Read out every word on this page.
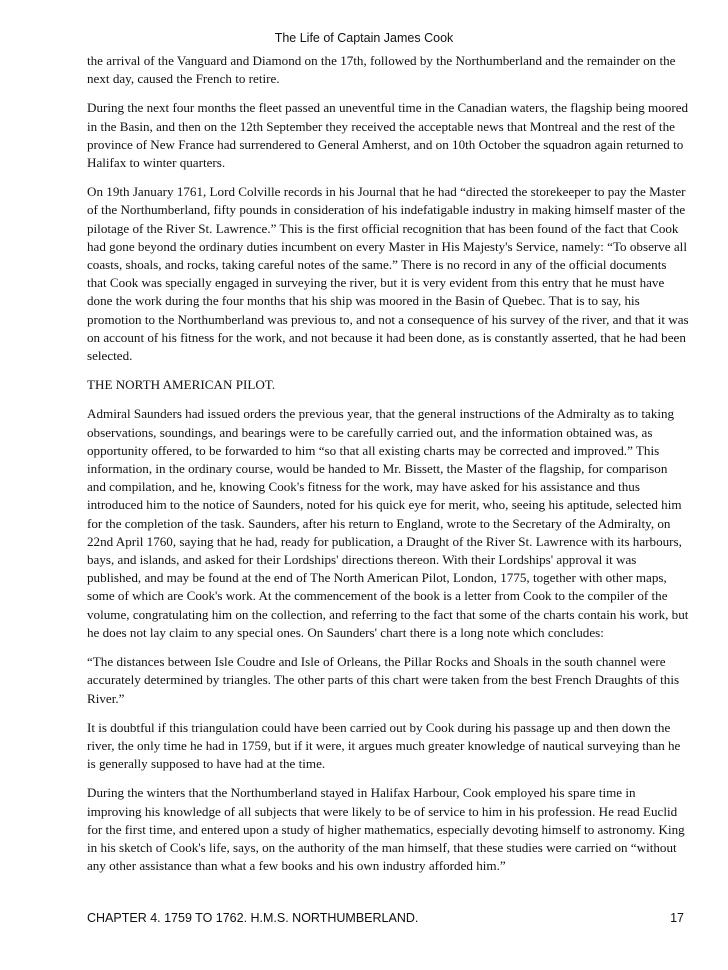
The Life of Captain James Cook

the arrival of the Vanguard and Diamond on the 17th, followed by the Northumberland and the remainder on the next day, caused the French to retire.

During the next four months the fleet passed an uneventful time in the Canadian waters, the flagship being moored in the Basin, and then on the 12th September they received the acceptable news that Montreal and the rest of the province of New France had surrendered to General Amherst, and on 10th October the squadron again returned to Halifax to winter quarters.

On 19th January 1761, Lord Colville records in his Journal that he had “directed the storekeeper to pay the Master of the Northumberland, fifty pounds in consideration of his indefatigable industry in making himself master of the pilotage of the River St. Lawrence.” This is the first official recognition that has been found of the fact that Cook had gone beyond the ordinary duties incumbent on every Master in His Majesty's Service, namely: “To observe all coasts, shoals, and rocks, taking careful notes of the same.” There is no record in any of the official documents that Cook was specially engaged in surveying the river, but it is very evident from this entry that he must have done the work during the four months that his ship was moored in the Basin of Quebec. That is to say, his promotion to the Northumberland was previous to, and not a consequence of his survey of the river, and that it was on account of his fitness for the work, and not because it had been done, as is constantly asserted, that he had been selected.

THE NORTH AMERICAN PILOT.

Admiral Saunders had issued orders the previous year, that the general instructions of the Admiralty as to taking observations, soundings, and bearings were to be carefully carried out, and the information obtained was, as opportunity offered, to be forwarded to him “so that all existing charts may be corrected and improved.” This information, in the ordinary course, would be handed to Mr. Bissett, the Master of the flagship, for comparison and compilation, and he, knowing Cook's fitness for the work, may have asked for his assistance and thus introduced him to the notice of Saunders, noted for his quick eye for merit, who, seeing his aptitude, selected him for the completion of the task. Saunders, after his return to England, wrote to the Secretary of the Admiralty, on 22nd April 1760, saying that he had, ready for publication, a Draught of the River St. Lawrence with its harbours, bays, and islands, and asked for their Lordships' directions thereon. With their Lordships' approval it was published, and may be found at the end of The North American Pilot, London, 1775, together with other maps, some of which are Cook's work. At the commencement of the book is a letter from Cook to the compiler of the volume, congratulating him on the collection, and referring to the fact that some of the charts contain his work, but he does not lay claim to any special ones. On Saunders' chart there is a long note which concludes:

“The distances between Isle Coudre and Isle of Orleans, the Pillar Rocks and Shoals in the south channel were accurately determined by triangles. The other parts of this chart were taken from the best French Draughts of this River.”

It is doubtful if this triangulation could have been carried out by Cook during his passage up and then down the river, the only time he had in 1759, but if it were, it argues much greater knowledge of nautical surveying than he is generally supposed to have had at the time.

During the winters that the Northumberland stayed in Halifax Harbour, Cook employed his spare time in improving his knowledge of all subjects that were likely to be of service to him in his profession. He read Euclid for the first time, and entered upon a study of higher mathematics, especially devoting himself to astronomy. King in his sketch of Cook's life, says, on the authority of the man himself, that these studies were carried on “without any other assistance than what a few books and his own industry afforded him.”

CHAPTER 4. 1759 TO 1762. H.M.S. NORTHUMBERLAND.	17
